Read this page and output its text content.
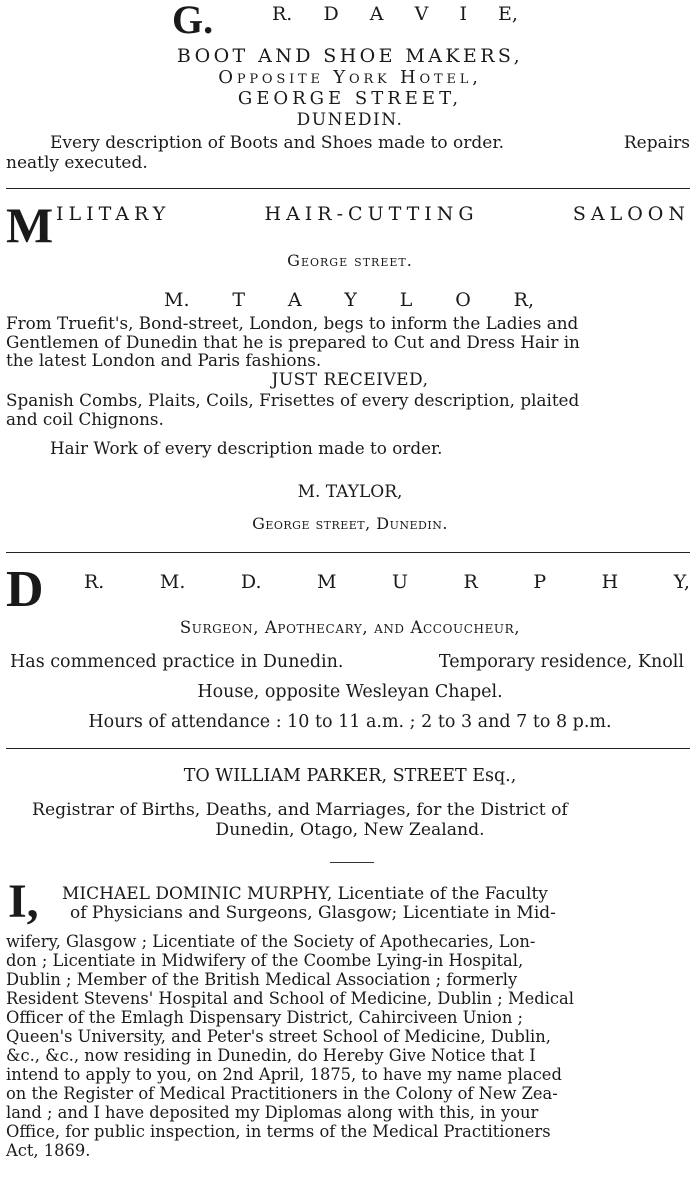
G.	R. D A V I E,
BOOT AND SHOE MAKERS,
Opposite York Hotel,
GEORGE STREET,
DUNEDIN.
Every description of Boots and Shoes made to order.	Repairs
neatly executed.
M ILITARY	HAIR-CUTTING	SALOON
George street.
M. T A Y L O R,
From Truefit's, Bond-street, London, begs to inform the Ladies and
Gentlemen of Dunedin that he is prepared to Cut and Dress Hair in
the latest London and Paris fashions.
JUST RECEIVED,
Spanish Combs, Plaits, Coils, Frisettes of every description, plaited
and coil Chignons.
Hair Work of every description made to order.
M. TAYLOR,
George street, Dunedin.
D R.	M.	D.	M	U	R	P	H	Y,
Surgeon, Apothecary, and Accoucheur,
Has commenced practice in Dunedin.	Temporary residence, Knoll
House, opposite Wesleyan Chapel.
Hours of attendance : 10 to 11 a.m. ; 2 to 3 and 7 to 8 p.m.
TO WILLIAM PARKER, STREET Esq.,
Registrar of Births, Deaths, and Marriages, for the District of
Dunedin, Otago, New Zealand.
I, MICHAEL DOMINIC MURPHY, Licentiate of the Faculty
of Physicians and Surgeons, Glasgow; Licentiate in Mid-
wifery, Glasgow ; Licentiate of the Society of Apothecaries, Lon-
don ; Licentiate in Midwifery of the Coombe Lying-in Hospital,
Dublin ; Member of the British Medical Association ; formerly
Resident Stevens' Hospital and School of Medicine, Dublin ; Medical
Officer of the Emlagh Dispensary District, Cahirciveen Union ;
Queen's University, and Peter's street School of Medicine, Dublin,
&c., &c., now residing in Dunedin, do Hereby Give Notice that I
intend to apply to you, on 2nd April, 1875, to have my name placed
on the Register of Medical Practitioners in the Colony of New Zea-
land ; and I have deposited my Diplomas along with this, in your
Office, for public inspection, in terms of the Medical Practitioners
Act, 1869.
